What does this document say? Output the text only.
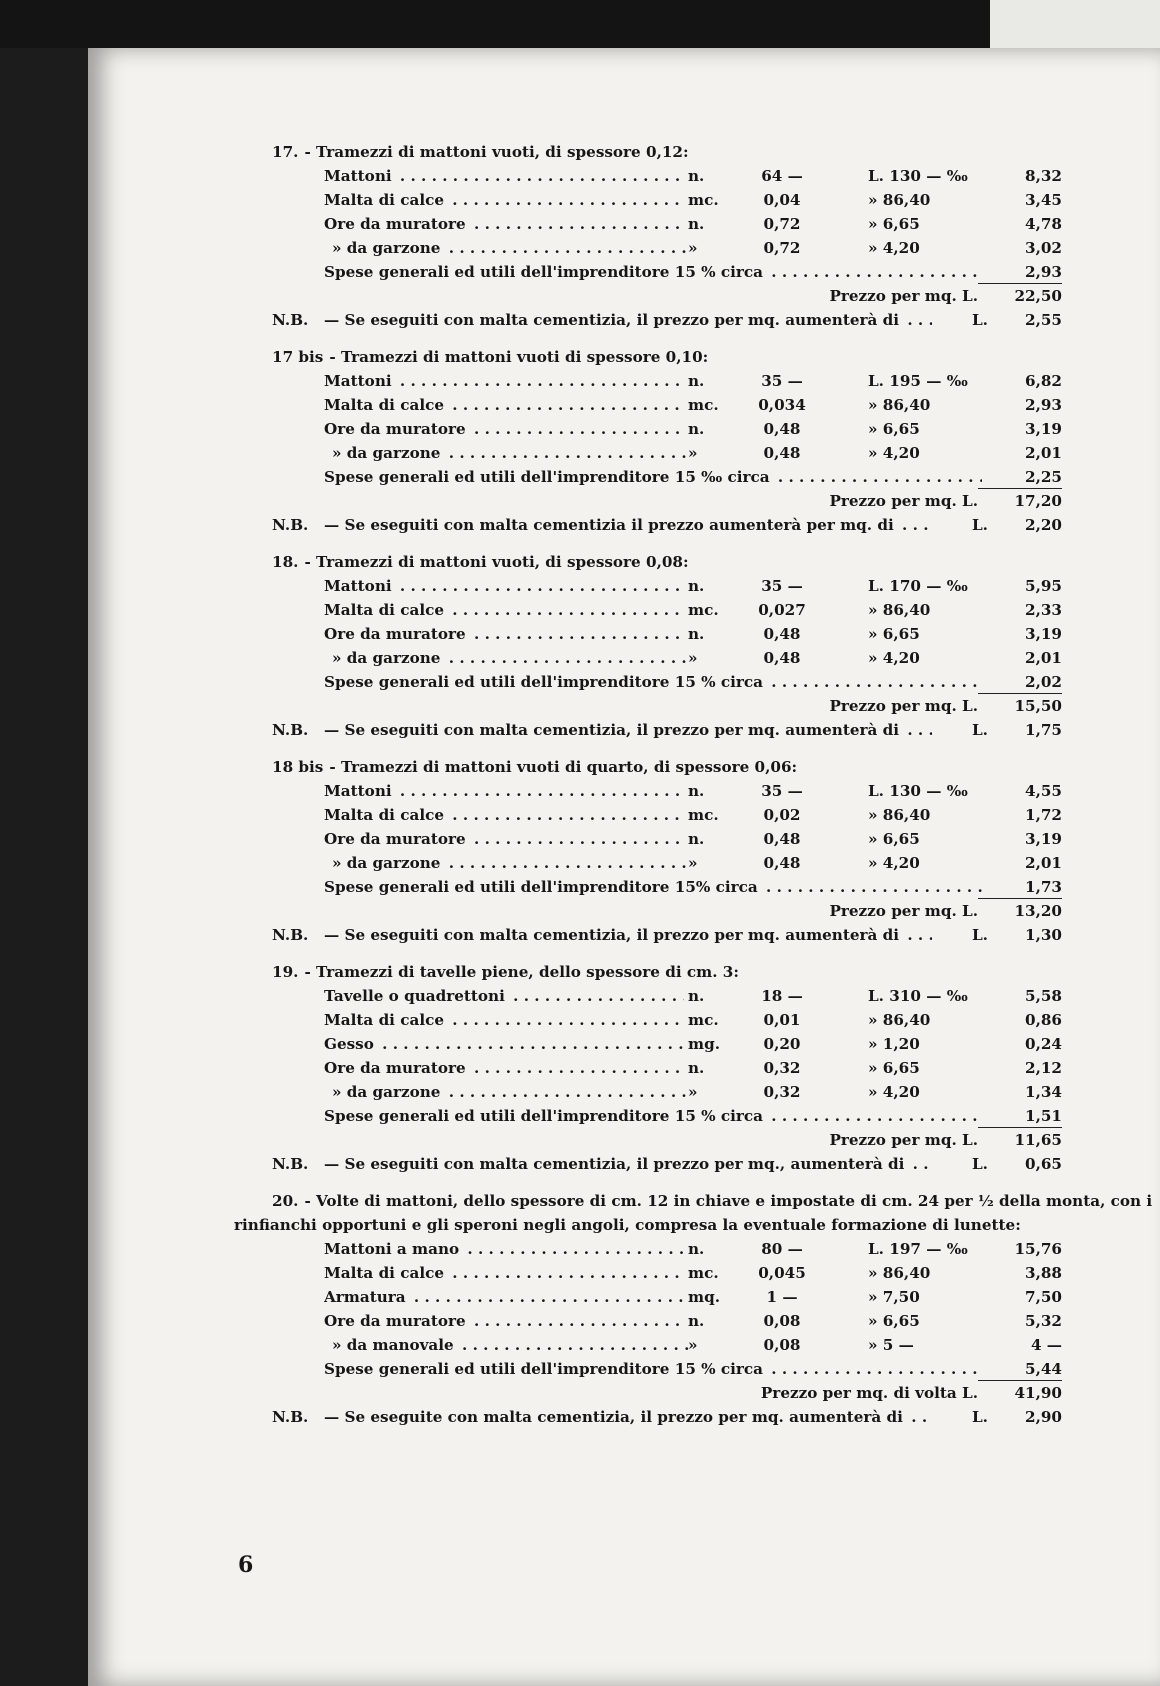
17. - Tramezzi di mattoni vuoti, di spessore 0,12:
Mattoni . . .	n.	64 —	L. 130 — ‰	8,32
Malta di calce . . .	mc.	0,04	» 86,40	3,45
Ore da muratore . . .	n.	0,72	» 6,65	4,78
» da garzone . . .	»	0,72	» 4,20	3,02
Spese generali ed utili dell'imprenditore 15 % circa . . .	2,93
Prezzo per mq. L.	22,50
N.B.	— Se eseguiti con malta cementizia, il prezzo per mq. aumenterà di . . .	L.	2,55
17 bis - Tramezzi di mattoni vuoti di spessore 0,10:
Mattoni . . .	n.	35 —	L. 195 — ‰	6,82
Malta di calce . . .	mc.	0,034	» 86,40	2,93
Ore da muratore . . .	n.	0,48	» 6,65	3,19
» da garzone . . .	»	0,48	» 4,20	2,01
Spese generali ed utili dell'imprenditore 15 ‰ circa . . .	2,25
Prezzo per mq. L.	17,20
N.B.	— Se eseguiti con malta cementizia il prezzo aumenterà per mq. di . . .	L.	2,20
18. - Tramezzi di mattoni vuoti, di spessore 0,08:
Mattoni . . .	n.	35 —	L. 170 — ‰	5,95
Malta di calce . . .	mc.	0,027	» 86,40	2,33
Ore da muratore . . .	n.	0,48	» 6,65	3,19
» da garzone . . .	»	0,48	» 4,20	2,01
Spese generali ed utili dell'imprenditore 15 % circa . . .	2,02
Prezzo per mq. L.	15,50
N.B.	— Se eseguiti con malta cementizia, il prezzo per mq. aumenterà di . . .	L.	1,75
18 bis - Tramezzi di mattoni vuoti di quarto, di spessore 0,06:
Mattoni . . .	n.	35 —	L. 130 — ‰	4,55
Malta di calce . . .	mc.	0,02	» 86,40	1,72
Ore da muratore . . .	n.	0,48	» 6,65	3,19
» da garzone . . .	»	0,48	» 4,20	2,01
Spese generali ed utili dell'imprenditore 15% circa . . .	1,73
Prezzo per mq. L.	13,20
N.B.	— Se eseguiti con malta cementizia, il prezzo per mq. aumenterà di . . .	L.	1,30
19. - Tramezzi di tavelle piene, dello spessore di cm. 3:
Tavelle o quadrettoni . . .	n.	18 —	L. 310 — ‰	5,58
Malta di calce . . .	mc.	0,01	» 86,40	0,86
Gesso . . .	mg.	0,20	» 1,20	0,24
Ore da muratore . . .	n.	0,32	» 6,65	2,12
» da garzone . . .	»	0,32	» 4,20	1,34
Spese generali ed utili dell'imprenditore 15 % circa . . .	1,51
Prezzo per mq. L.	11,65
N.B.	— Se eseguiti con malta cementizia, il prezzo per mq., aumenterà di . . .	L.	0,65
20. - Volte di mattoni, dello spessore di cm. 12 in chiave e impostate di cm. 24 per ½ della monta, con i
rinfianchi opportuni e gli speroni negli angoli, compresa la eventuale formazione di lunette:
Mattoni a mano . . .	n.	80 —	L. 197 — ‰	15,76
Malta di calce . . .	mc.	0,045	» 86,40	3,88
Armatura . . .	mq.	1 —	» 7,50	7,50
Ore da muratore . . .	n.	0,08	» 6,65	5,32
» da manovale . . .	»	0,08	» 5 —	4 —
Spese generali ed utili dell'imprenditore 15 % circa . . .	5,44
Prezzo per mq. di volta L.	41,90
N.B.	— Se eseguite con malta cementizia, il prezzo per mq. aumenterà di . . .	L.	2,90
6
